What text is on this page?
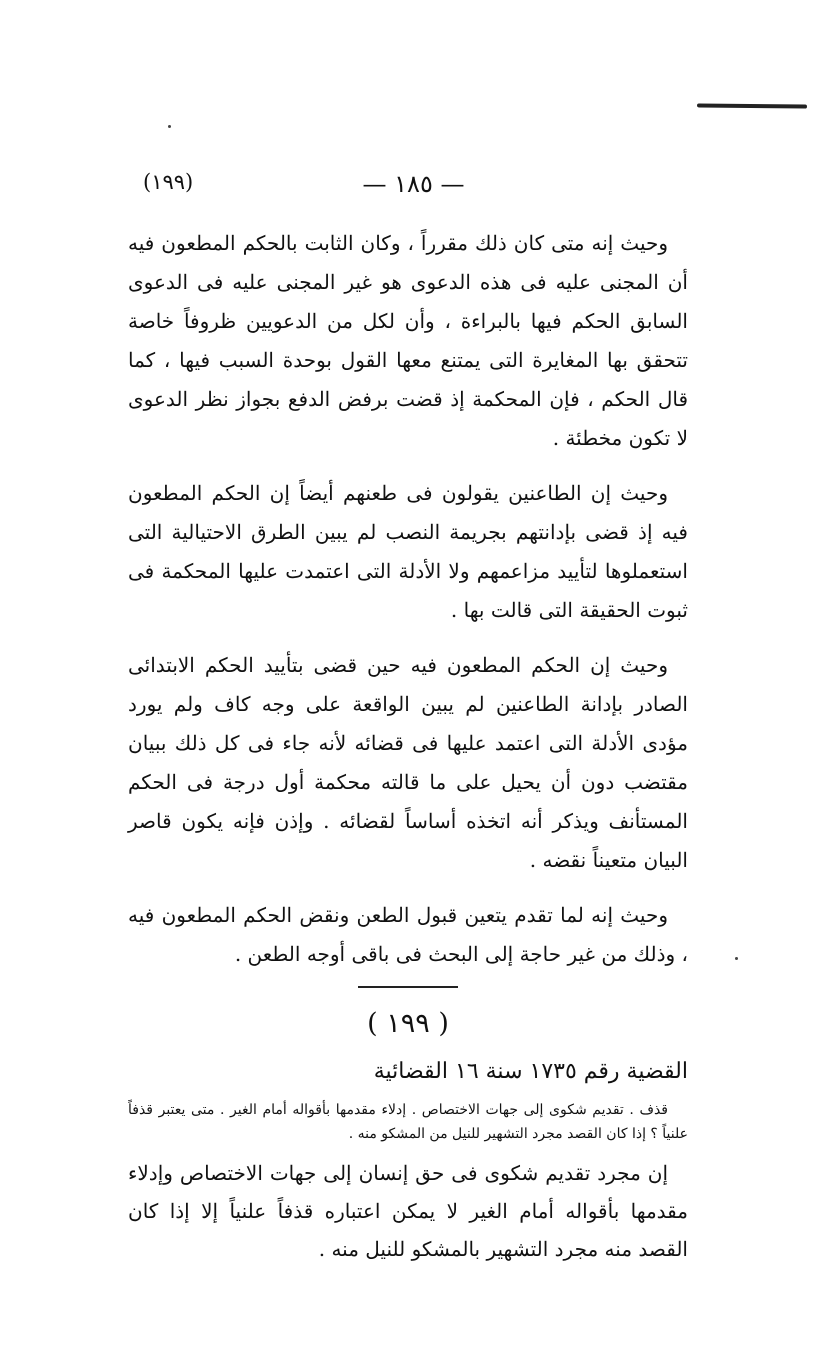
— ١٨٥ —
(١٩٩)

وحيث إنه متى كان ذلك مقرراً ، وكان الثابت بالحكم المطعون فيه أن المجنى عليه فى هذه الدعوى هو غير المجنى عليه فى الدعوى السابق الحكم فيها بالبراءة ، وأن لكل من الدعويين ظروفاً خاصة تتحقق بها المغايرة التى يمتنع معها القول بوحدة السبب فيها ، كما قال الحكم ، فإن المحكمة إذ قضت برفض الدفع بجواز نظر الدعوى لا تكون مخطئة .

وحيث إن الطاعنين يقولون فى طعنهم أيضاً إن الحكم المطعون فيه إذ قضى بإدانتهم بجريمة النصب لم يبين الطرق الاحتيالية التى استعملوها لتأييد مزاعمهم ولا الأدلة التى اعتمدت عليها المحكمة فى ثبوت الحقيقة التى قالت بها .

وحيث إن الحكم المطعون فيه حين قضى بتأييد الحكم الابتدائى الصادر بإدانة الطاعنين لم يبين الواقعة على وجه كاف ولم يورد مؤدى الأدلة التى اعتمد عليها فى قضائه لأنه جاء فى كل ذلك ببيان مقتضب دون أن يحيل على ما قالته محكمة أول درجة فى الحكم المستأنف ويذكر أنه اتخذه أساساً لقضائه . وإذن فإنه يكون قاصر البيان متعيناً نقضه .

وحيث إنه لما تقدم يتعين قبول الطعن ونقض الحكم المطعون فيه ، وذلك من غير حاجة إلى البحث فى باقى أوجه الطعن .

( ١٩٩ )
القضية رقم ١٧٣٥ سنة ١٦ القضائية

قذف . تقديم شكوى إلى جهات الاختصاص . إدلاء مقدمها بأقواله أمام الغير . متى يعتبر قذفاً علنياً ؟ إذا كان القصد مجرد التشهير للنيل من المشكو منه .

إن مجرد تقديم شكوى فى حق إنسان إلى جهات الاختصاص وإدلاء مقدمها بأقواله أمام الغير لا يمكن اعتباره قذفاً علنياً إلا إذا كان القصد منه مجرد التشهير بالمشكو للنيل منه .
